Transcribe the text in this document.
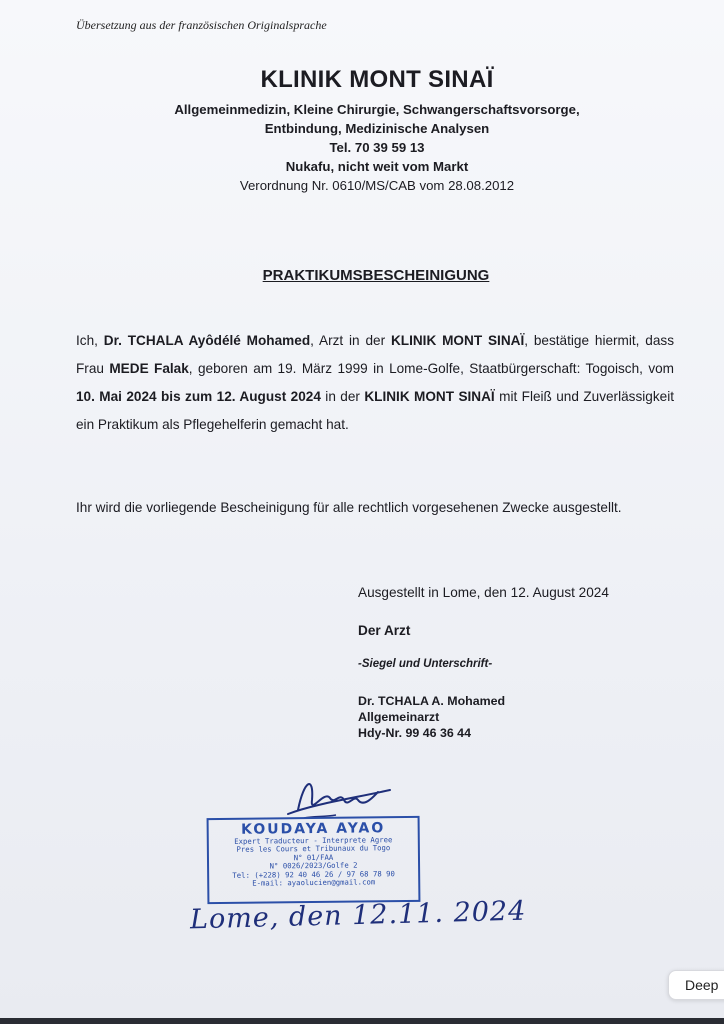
Übersetzung aus der französischen Originalsprache
KLINIK MONT SINAÏ
Allgemeinmedizin, Kleine Chirurgie, Schwangerschaftsvorsorge,
Entbindung, Medizinische Analysen
Tel. 70 39 59 13
Nukafu, nicht weit vom Markt
Verordnung Nr. 0610/MS/CAB vom 28.08.2012
PRAKTIKUMSBESCHEINIGUNG
Ich, Dr. TCHALA Ayôdélé Mohamed, Arzt in der KLINIK MONT SINAÏ, bestätige hiermit, dass Frau MEDE Falak, geboren am 19. März 1999 in Lome-Golfe, Staatbürgerschaft: Togoisch, vom 10. Mai 2024 bis zum 12. August 2024 in der KLINIK MONT SINAÏ mit Fleiß und Zuverlässigkeit ein Praktikum als Pflegehelferin gemacht hat.
Ihr wird die vorliegende Bescheinigung für alle rechtlich vorgesehenen Zwecke ausgestellt.
Ausgestellt in Lome, den 12. August 2024
Der Arzt
-Siegel und Unterschrift-
Dr. TCHALA A. Mohamed
Allgemeinarzt
Hdy-Nr. 99 46 36 44
KOUDAYA AYAO
Expert Traducteur - Interprete Agree
Pres les Cours et Tribunaux du Togo
N° 01/FAA
N° 0026/2023/Golfe 2
Tel: (+228) 92 40 46 26 / 97 68 78 90
E-mail: ayaolucien@gmail.com
Lome, den 12.11. 2024
Deep
